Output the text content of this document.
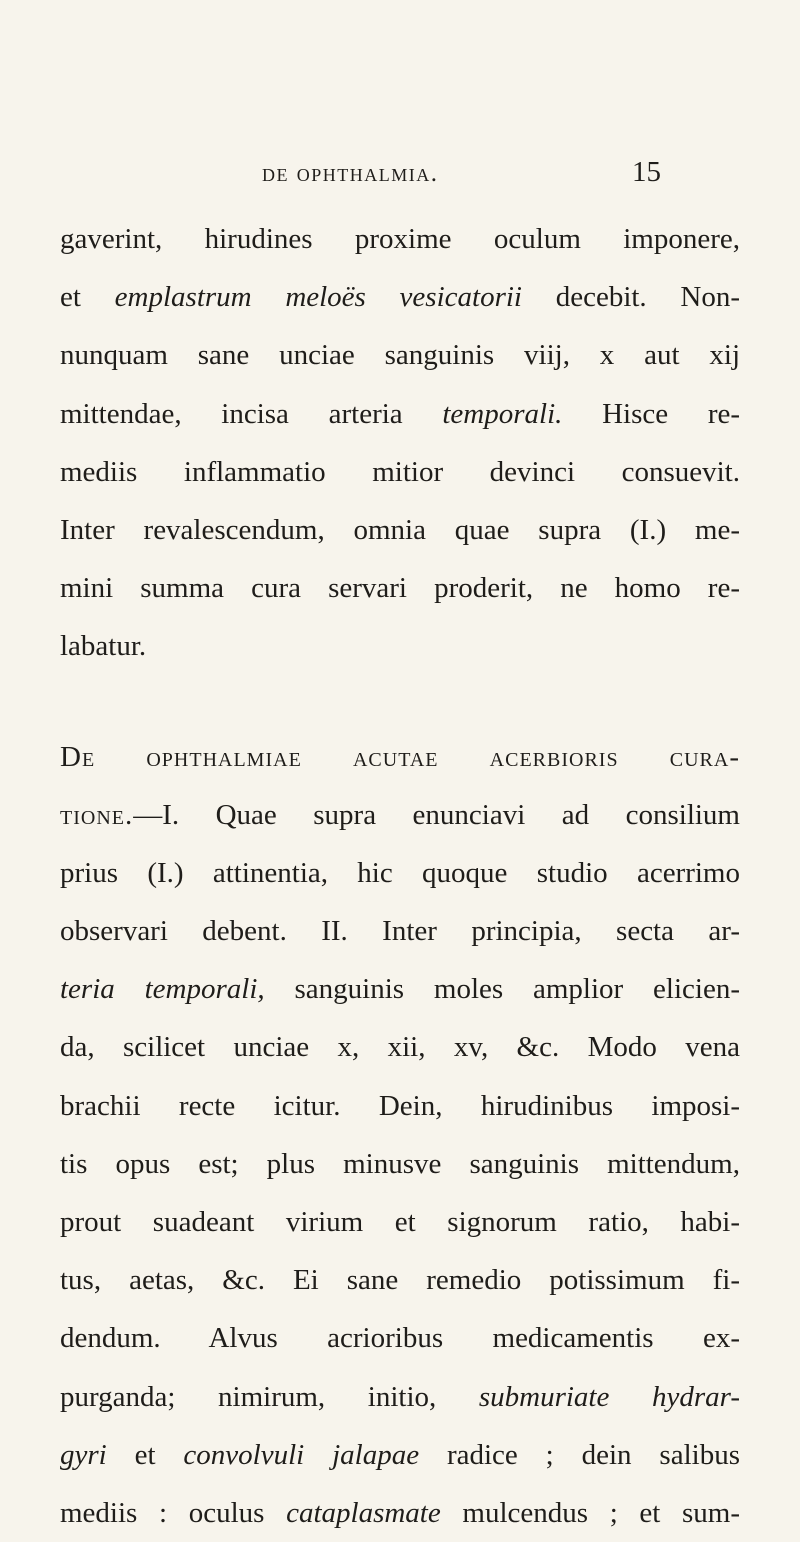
de ophthalmia.	15
gaverint, hirudines proxime oculum imponere,
et emplastrum meloës vesicatorii decebit. Non-
nunquam sane unciae sanguinis viij, x aut xij
mittendae, incisa arteria temporali. Hisce re-
mediis inflammatio mitior devinci consuevit.
Inter revalescendum, omnia quae supra (I.) me-
mini summa cura servari proderit, ne homo re-
labatur.
De ophthalmiae acutae acerbioris cura-
tione.—I. Quae supra enunciavi ad consilium
prius (I.) attinentia, hic quoque studio acerrimo
observari debent. II. Inter principia, secta ar-
teria temporali, sanguinis moles amplior elicien-
da, scilicet unciae x, xii, xv, &c. Modo vena
brachii recte icitur. Dein, hirudinibus imposi-
tis opus est; plus minusve sanguinis mittendum,
prout suadeant virium et signorum ratio, habi-
tus, aetas, &c. Ei sane remedio potissimum fi-
dendum. Alvus acrioribus medicamentis ex-
purganda; nimirum, initio, submuriate hydrar-
gyri et convolvuli jalapae radice ; dein salibus
mediis : oculus cataplasmate mulcendus ; et sum-
